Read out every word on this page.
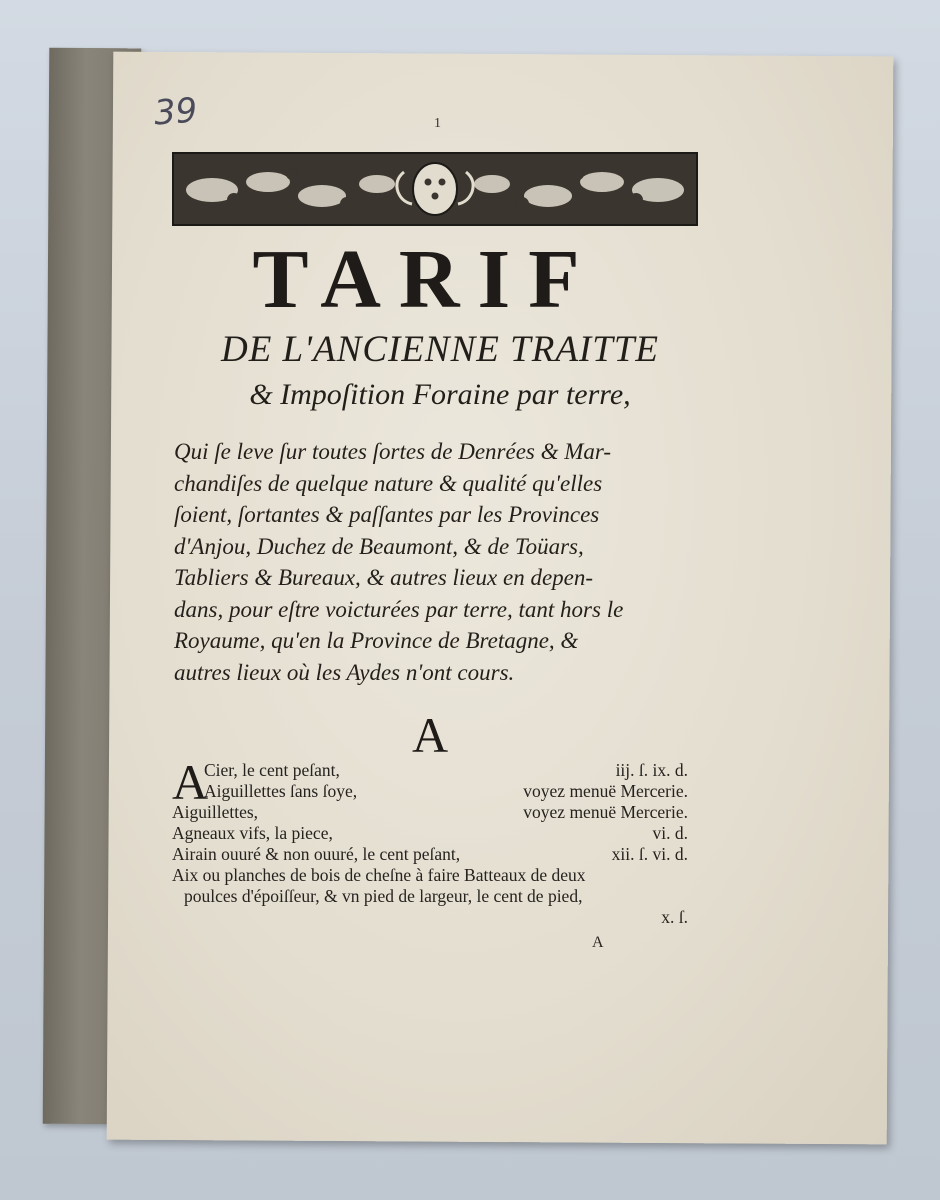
39	1
TARIF
DE L'ANCIENNE TRAITTE
& Impoſition Foraine par terre,
Qui ſe leve ſur toutes ſortes de Denrées & Mar-
chandiſes de quelque nature & qualité qu'elles
ſoient, ſortantes & paſſantes par les Provinces
d'Anjou, Duchez de Beaumont, & de Toüars,
Tabliers & Bureaux, & autres lieux en depen-
dans, pour eſtre voicturées par terre, tant hors le
Royaume, qu'en la Province de Bretagne, &
autres lieux où les Aydes n'ont cours.
A
A
Cier, le cent peſant,	iij. ſ. ix. d.
Aiguillettes ſans ſoye,	voyez menuë Mercerie.
Aiguillettes,	voyez menuë Mercerie.
Agneaux vifs, la piece,	vi. d.
Airain ouuré & non ouuré, le cent peſant,	xii. ſ. vi. d.
Aix ou planches de bois de cheſne à faire Batteaux de deux
poulces d'époiſſeur, & vn pied de largeur, le cent de pied,
x. ſ.
A
